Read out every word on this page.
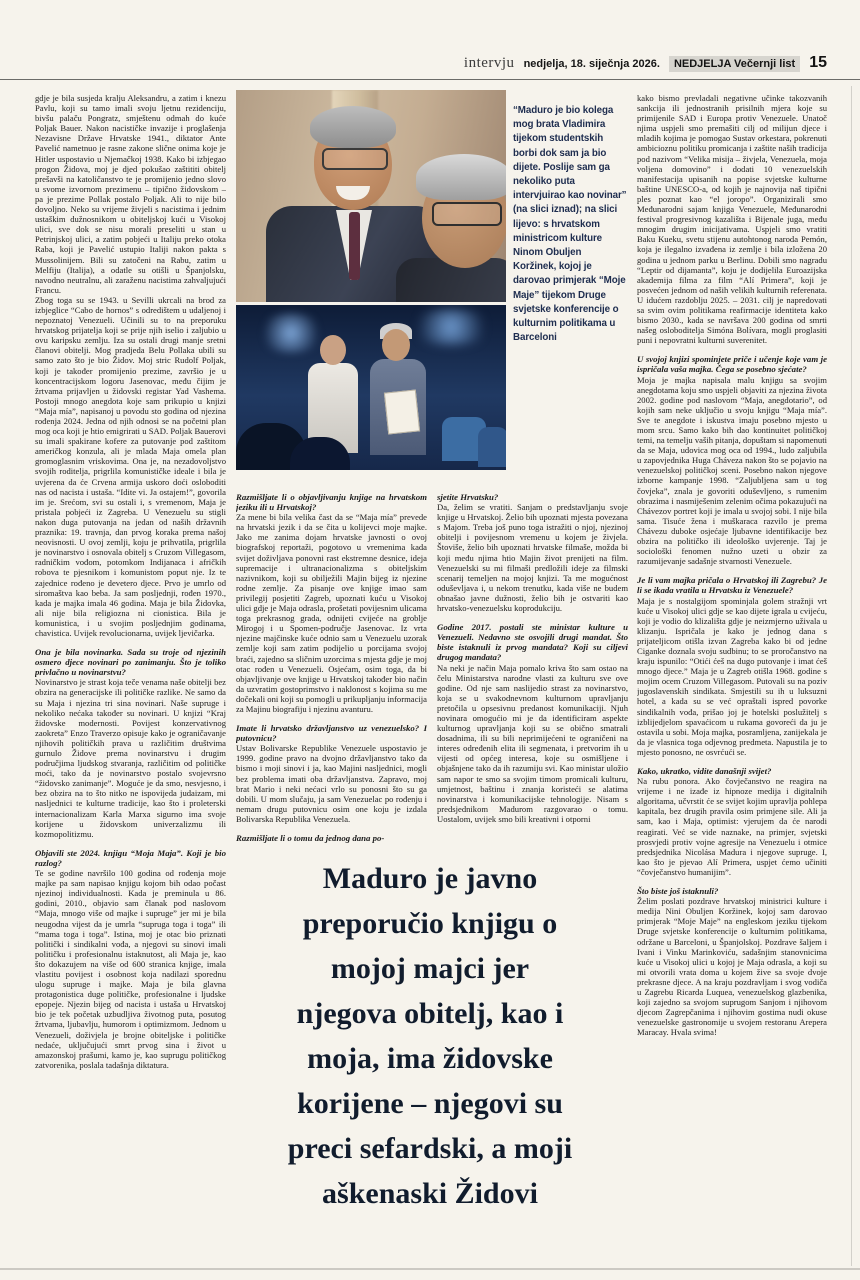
intervju nedjelja, 18. siječnja 2026.	NEDJELJA Večernji list 15
“Maduro je bio kolega mog brata Vladimira tijekom studentskih borbi dok sam ja bio dijete. Poslije sam ga nekoliko puta intervjuirao kao novinar” (na slici iznad); na slici lijevo: s hrvatskom ministricom kulture Ninom Obuljen Koržinek, kojoj je darovao primjerak “Moje Maje” tijekom Druge svjetske konferencije o kulturnim politikama u Barceloni
Maduro je javno preporučio knjigu o mojoj majci jer njegova obitelj, kao i moja, ima židovske korijene – njegovi su preci sefardski, a moji aškenaski Židovi

gdje je bila susjeda kralju Aleksandru, a zatim i knezu Pavlu, koji su tamo imali svoju ljetnu rezidenciju, bivšu palaču Pongratz, smještenu odmah do kuće Poljak Bauer. Nakon nacističke invazije i proglašenja Nezavisne Države Hrvatske 1941., diktator Ante Pavelić nametnuo je rasne zakone slične onima koje je Hitler uspostavio u Njemačkoj 1938. Kako bi izbjegao progon Židova, moj je djed pokušao zaštititi obitelj prešavši na katoličanstvo te je promijenio jedno slovo u svome izvornom prezimenu – tipično židovskom – pa je prezime Pollak postalo Poljak. Ali to nije bilo dovoljno. Neko su vrijeme živjeli s nacistima i jednim ustaškim dužnosnikom u obiteljskoj kući u Visokoj ulici, sve dok se nisu morali preseliti u stan u Petrinjskoj ulici, a zatim pobjeći u Italiju preko otoka Raba, koji je Pavelić ustupio Italiji nakon pakta s Mussolinijem. Bili su zatočeni na Rabu, zatim u Melfiju (Italija), a odatle su otišli u Španjolsku, navodno neutralnu, ali zaraženu nacistima zahvaljujući Francu.

Zbog toga su se 1943. u Sevilli ukrcali na brod za izbjeglice “Cabo de hornos” s odredištem u udaljenoj i nepoznatoj Venezueli. Učinili su to na preporuku hrvatskog prijatelja koji se prije njih iselio i zaljubio u ovu karipsku zemlju. Iza su ostali drugi manje sretni članovi obitelji. Mog pradjeda Belu Pollaka ubili su samo zato što je bio Židov. Moj stric Rudolf Poljak, koji je također promijenio prezime, završio je u koncentracijskom logoru Jasenovac, među čijim je žrtvama prijavljen u židovski registar Yad Vashema. Postoji mnogo anegdota koje sam prikupio u knjizi “Maja mía”, napisanoj u povodu sto godina od njezina rođenja 2024. Jedna od njih odnosi se na početni plan mog oca koji je htio emigrirati u SAD. Poljak Bauerovi su imali spakirane kofere za putovanje pod zaštitom američkog konzula, ali je mlada Maja omela plan gromoglasnim vriskovima. Ona je, na nezadovoljstvo svojih roditelja, prigrlila komunističke ideale i bila je uvjerena da će Crvena armija uskoro doći osloboditi nas od nacista i ustaša. “Idite vi. Ja ostajem!”, govorila im je. Srećom, svi su ostali i, s vremenom, Maja je pristala pobjeći iz Zagreba. U Venezuelu su stigli nakon duga putovanja na jedan od naših državnih praznika: 19. travnja, dan prvog koraka prema našoj neovisnosti. U ovoj zemlji, koju je prihvatila, prigrlila je novinarstvo i osnovala obitelj s Cruzom Villegasom, radničkim vođom, potomkom Indijanaca i afričkih robova te pjesnikom i komunistom poput nje. Iz te zajednice rođeno je devetero djece. Prvo je umrlo od siromaštva kao beba. Ja sam posljednji, rođen 1970., kada je majka imala 46 godina. Maja je bila Židovka, ali nije bila religiozna ni cionistica. Bila je komunistica, i u svojim posljednjim godinama, chavistica. Uvijek revolucionarna, uvijek ljevičarka.

Ona je bila novinarka. Sada su troje od njezinih osmero djece novinari po zanimanju. Što je toliko privlačno u novinarstvu?

Novinarstvo je strast koja teče venama naše obitelji bez obzira na generacijske ili političke razlike. Ne samo da su Maja i njezina tri sina novinari. Naše supruge i nekoliko nećaka također su novinari. U knjizi “Kraj židovske modernosti. Povijest konzervativnog zaokreta” Enzo Traverzo opisuje kako je ograničavanje njihovih političkih prava u različitim društvima gurnulo Židove prema novinarstvu i drugim područjima ljudskog stvaranja, različitim od političke moći, tako da je novinarstvo postalo svojevrsno “židovsko zanimanje”. Moguće je da smo, nesvjesno, i bez obzira na to što nitko ne ispovijeda judaizam, mi nasljednici te kulturne tradicije, kao što i proleterski internacionalizam Karla Marxa sigurno ima svoje korijene u židovskom univerzalizmu ili kozmopolitizmu.

Objavili ste 2024. knjigu “Moja Maja”. Koji je bio razlog?

Te se godine navršilo 100 godina od rođenja moje majke pa sam napisao knjigu kojom bih odao počast njezinoj individualnosti. Kada je preminula u 86. godini, 2010., objavio sam članak pod naslovom “Maja, mnogo više od majke i supruge” jer mi je bila neugodna vijest da je umrla “supruga toga i toga” ili “mama toga i toga”. Istina, moj je otac bio priznati politički i sindikalni vođa, a njegovi su sinovi imali političku i profesionalnu istaknutost, ali Maja je, kao što dokazujem na više od 600 stranica knjige, imala vlastitu povijest i osobnost koja nadilazi sporednu ulogu supruge i majke. Maja je bila glavna protagonistica duge političke, profesionalne i ljudske epopeje. Njezin bijeg od nacista i ustaša u Hrvatskoj bio je tek početak uzbudljiva životnog puta, posutog žrtvama, ljubavlju, humorom i optimizmom. Jednom u Venezueli, doživjela je brojne obiteljske i političke nedaće, uključujući smrt prvog sina i život u amazonskoj prašumi, kamo je, kao suprugu političkog zatvorenika, poslala tadašnja diktatura.

Razmišljate li o objavljivanju knjige na hrvatskom jeziku ili u Hrvatskoj?

Za mene bi bila velika čast da se “Maja mía” prevede na hrvatski jezik i da se čita u kolijevci moje majke. Jako me zanima dojam hrvatske javnosti o ovoj biografskoj reportaži, pogotovo u vremenima kada svijet doživljava ponovni rast ekstremne desnice, ideja supremacije i ultranacionalizma s obiteljskim nazivnikom, koji su obilježili Majin bijeg iz njezine rodne zemlje. Za pisanje ove knjige imao sam privilegij posjetiti Zagreb, upoznati kuću u Visokoj ulici gdje je Maja odrasla, prošetati povijesnim ulicama toga prekrasnog grada, odnijeti cvijeće na groblje Mirogoj i u Spomen-područje Jasenovac. Iz vrta njezine majčinske kuće odnio sam u Venezuelu uzorak zemlje koji sam zatim podijelio u porcijama svojoj braći, zajedno sa sličnim uzorcima s mjesta gdje je moj otac rođen u Venezueli. Osjećam, osim toga, da bi objavljivanje ove knjige u Hrvatskoj također bio način da uzvratim gostoprimstvo i naklonost s kojima su me dočekali oni koji su pomogli u prikupljanju informacija za Majinu biografiju i njezinu avanturu.

Imate li hrvatsko državljanstvo uz venezuelsko? I putovnicu?

Ustav Bolivarske Republike Venezuele uspostavio je 1999. godine pravo na dvojno državljanstvo tako da bismo i moji sinovi i ja, kao Majini nasljednici, mogli bez problema imati oba državljanstva. Zapravo, moj brat Mario i neki nećaci vrlo su ponosni što su ga dobili. U mom slučaju, ja sam Venezuelac po rođenju i nemam drugu putovnicu osim one koju je izdala Bolivarska Republika Venezuela.

Razmišljate li o tomu da jednog dana po-

sjetite Hrvatsku?

Da, želim se vratiti. Sanjam o predstavljanju svoje knjige u Hrvatskoj. Želio bih upoznati mjesta povezana s Majom. Treba još puno toga istražiti o njoj, njezinoj obitelji i povijesnom vremenu u kojem je živjela. Štoviše, želio bih upoznati hrvatske filmaše, možda bi koji među njima htio Majin život prenijeti na film. Venezuelski su mi filmaši predložili ideje za filmski scenarij temeljen na mojoj knjizi. Ta me mogućnost oduševljava i, u nekom trenutku, kada više ne budem obnašao javne dužnosti, želio bih je ostvariti kao hrvatsko-venezuelsku koprodukciju.

Godine 2017. postali ste ministar kulture u Venezueli. Nedavno ste osvojili drugi mandat. Što biste istaknuli iz prvog mandata? Koji su ciljevi drugog mandata?

Na neki je način Maja pomalo kriva što sam ostao na čelu Ministarstva narodne vlasti za kulturu sve ove godine. Od nje sam naslijedio strast za novinarstvo, koja se u svakodnevnom kulturnom upravljanju pretočila u opsesivnu predanost komunikaciji. Njuh novinara omogućio mi je da identificiram aspekte kulturnog upravljanja koji su se obično smatrali dosadnima, ili su bili neprimijećeni te ograničeni na interes određenih elita ili segmenata, i pretvorim ih u vijesti od općeg interesa, koje su osmišljene i objašnjene tako da ih razumiju svi. Kao ministar uložio sam napor te smo sa svojim timom promicali kulturu, umjetnost, baštinu i znanja koristeći se alatima novinarstva i komunikacijske tehnologije. Nisam s predsjednikom Madurom razgovarao o tomu. Uostalom, uvijek smo bili kreativni i otporni

kako bismo prevladali negativne učinke takozvanih sankcija ili jednostranih prisilnih mjera koje su primijenile SAD i Europa protiv Venezuele. Unatoč njima uspjeli smo premašiti cilj od milijun djece i mladih kojima je pomogao Sustav orkestara, pokrenuti ambicioznu politiku promicanja i zaštite naših tradicija pod nazivom “Velika misija – živjela, Venezuela, moja voljena domovino” i dodati 10 venezuelskih manifestacija upisanih na popise svjetske kulturne baštine UNESCO-a, od kojih je najnovija naš tipični ples poznat kao “el joropo”. Organizirali smo Međunarodni sajam knjiga Venezuele, Međunarodni festival progresivnog kazališta i Bijenale juga, među mnogim drugim inicijativama. Uspjeli smo vratiti Baku Kueku, svetu stijenu autohtonog naroda Pemón, koja je ilegalno izvađena iz zemlje i bila izložena 20 godina u jednom parku u Berlinu. Dobili smo nagradu “Leptir od dijamanta”, koju je dodijelila Euroazijska akademija filma za film “Alí Primera”, koji je posvećen jednom od naših velikih kulturnih referenata. U idućem razdoblju 2025. – 2031. cilj je napredovati sa svim ovim politikama reafirmacije identiteta kako bismo 2030., kada se navršava 200 godina od smrti našeg osloboditelja Simóna Bolívara, mogli proglasiti puni i nepovratni kulturni suverenitet.

U svojoj knjizi spominjete priče i učenje koje vam je ispričala vaša majka. Čega se posebno sjećate?

Moja je majka napisala malu knjigu sa svojim anegdotama koju smo uspjeli objaviti za njezina života 2002. godine pod naslovom “Maja, anegdotario”, od kojih sam neke uključio u svoju knjigu “Maja mía”. Sve te anegdote i iskustva imaju posebno mjesto u mom srcu. Samo kako bih dao kontinuitet političkoj temi, na temelju vaših pitanja, dopuštam si napomenuti da se Maja, udovica mog oca od 1994., ludo zaljubila u zapovjednika Huga Cháveza nakon što se pojavio na venezuelskoj političkoj sceni. Posebno nakon njegove izborne kampanje 1998. “Zaljubljena sam u tog čovjeka”, znala je govoriti oduševljeno, s rumenim obrazima i nasmiješenim zelenim očima pokazujući na Chávezov portret koji je imala u svojoj sobi. I nije bila sama. Tisuće žena i muškaraca razvilo je prema Chávezu duboke osjećaje ljubavne identifikacije bez obzira na političko ili ideološko uvjerenje. Taj je sociološki fenomen nužno uzeti u obzir za razumijevanje sadašnje stvarnosti Venezuele.

Je li vam majka pričala o Hrvatskoj ili Zagrebu? Je li se ikada vratila u Hrvatsku iz Venezuele?

Maja je s nostalgijom spominjala golem stražnji vrt kuće u Visokoj ulici gdje se kao dijete igrala u cvijeću, koji je vodio do klizališta gdje je neizmjerno uživala u klizanju. Ispričala je kako je jednog dana s prijateljicom otišla izvan Zagreba kako bi od jedne Ciganke doznala svoju sudbinu; to se proročanstvo na kraju ispunilo: “Otići ćeš na dugo putovanje i imat ćeš mnogo djece.” Maja je u Zagreb otišla 1968. godine s mojim ocem Cruzom Villegasom. Putovali su na poziv jugoslavenskih sindikata. Smjestili su ih u luksuzni hotel, a kada su se već opraštali ispred povorke sindikalnih vođa, prišao joj je hotelski poslužitelj s izblijedjelom spavaćicom u rukama govoreći da ju je ostavila u sobi. Moja majka, posramljena, zanijekala je da je vlasnica toga odjevnog predmeta. Napustila je to mjesto ponosno, ne osvrćući se.

Kako, ukratko, vidite današnji svijet?

Na rubu ponora. Ako čovječanstvo ne reagira na vrijeme i ne izađe iz hipnoze medija i digitalnih algoritama, učvrstit će se svijet kojim upravlja pohlepa kapitala, bez drugih pravila osim primjene sile. Ali ja sam, kao i Maja, optimist: vjerujem da će narodi reagirati. Već se vide naznake, na primjer, svjetski prosvjedi protiv vojne agresije na Venezuelu i otmice predsjednika Nicolása Madura i njegove supruge. I, kao što je pjevao Alí Primera, uspjet ćemo učiniti “čovječanstvo humanijim”.

Što biste još istaknuli?

Želim poslati pozdrave hrvatskoj ministrici kulture i medija Nini Obuljen Koržinek, kojoj sam darovao primjerak “Moje Maje” na engleskom jeziku tijekom Druge svjetske konferencije o kulturnim politikama, održane u Barceloni, u Španjolskoj. Pozdrave šaljem i Ivani i Vinku Marinkoviću, sadašnjim stanovnicima kuće u Visokoj ulici u kojoj je Maja odrasla, a koji su mi otvorili vrata doma u kojem žive sa svoje dvoje prekrasne djece. A na kraju pozdravljam i svog vodiča u Zagrebu Ricarda Luquea, venezuelskog glazbenika, koji zajedno sa svojom suprugom Sanjom i njihovom djecom Zagrepčanima i njihovim gostima nudi okuse venezuelske gastronomije u svojem restoranu Arepera Maracay. Hvala svima!
